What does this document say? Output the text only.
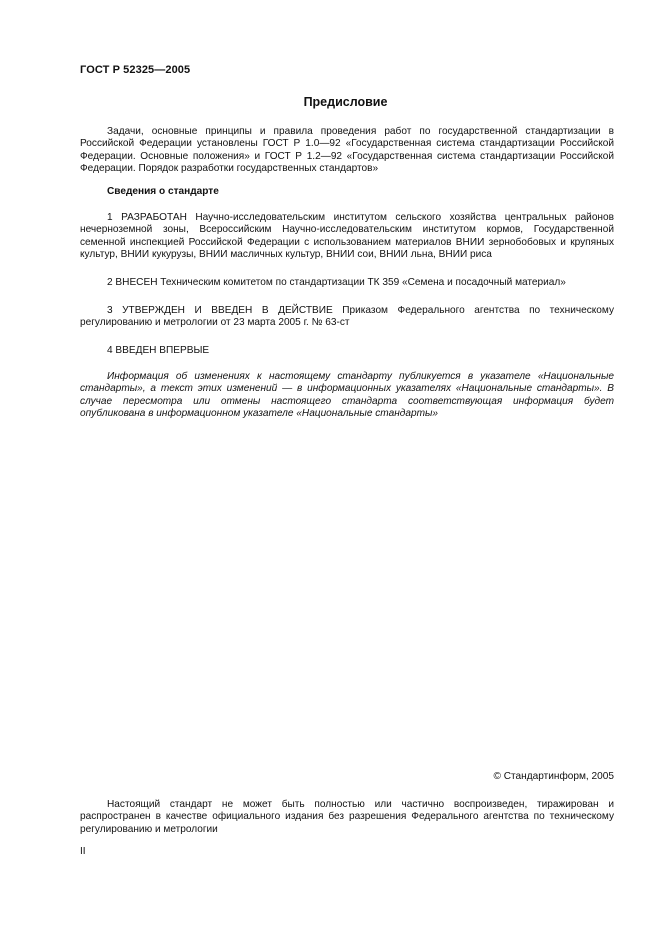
ГОСТ Р 52325—2005
Предисловие

Задачи, основные принципы и правила проведения работ по государственной стандартизации в Российской Федерации установлены ГОСТ Р 1.0—92 «Государственная система стандартизации Российской Федерации. Основные положения» и ГОСТ Р 1.2—92 «Государственная система стандартизации Российской Федерации. Порядок разработки государственных стандартов»

Сведения о стандарте

1 РАЗРАБОТАН Научно-исследовательским институтом сельского хозяйства центральных районов нечерноземной зоны, Всероссийским Научно-исследовательским институтом кормов, Государственной семенной инспекцией Российской Федерации с использованием материалов ВНИИ зернобобовых и крупяных культур, ВНИИ кукурузы, ВНИИ масличных культур, ВНИИ сои, ВНИИ льна, ВНИИ риса

2 ВНЕСЕН Техническим комитетом по стандартизации ТК 359 «Семена и посадочный материал»

3 УТВЕРЖДЕН И ВВЕДЕН В ДЕЙСТВИЕ Приказом Федерального агентства по техническому регулированию и метрологии от 23 марта 2005 г. № 63-ст

4 ВВЕДЕН ВПЕРВЫЕ

Информация об изменениях к настоящему стандарту публикуется в указателе «Национальные стандарты», а текст этих изменений — в информационных указателях «Национальные стандарты». В случае пересмотра или отмены настоящего стандарта соответствующая информация будет опубликована в информационном указателе «Национальные стандарты»

© Стандартинформ, 2005

Настоящий стандарт не может быть полностью или частично воспроизведен, тиражирован и распространен в качестве официального издания без разрешения Федерального агентства по техническому регулированию и метрологии

II
